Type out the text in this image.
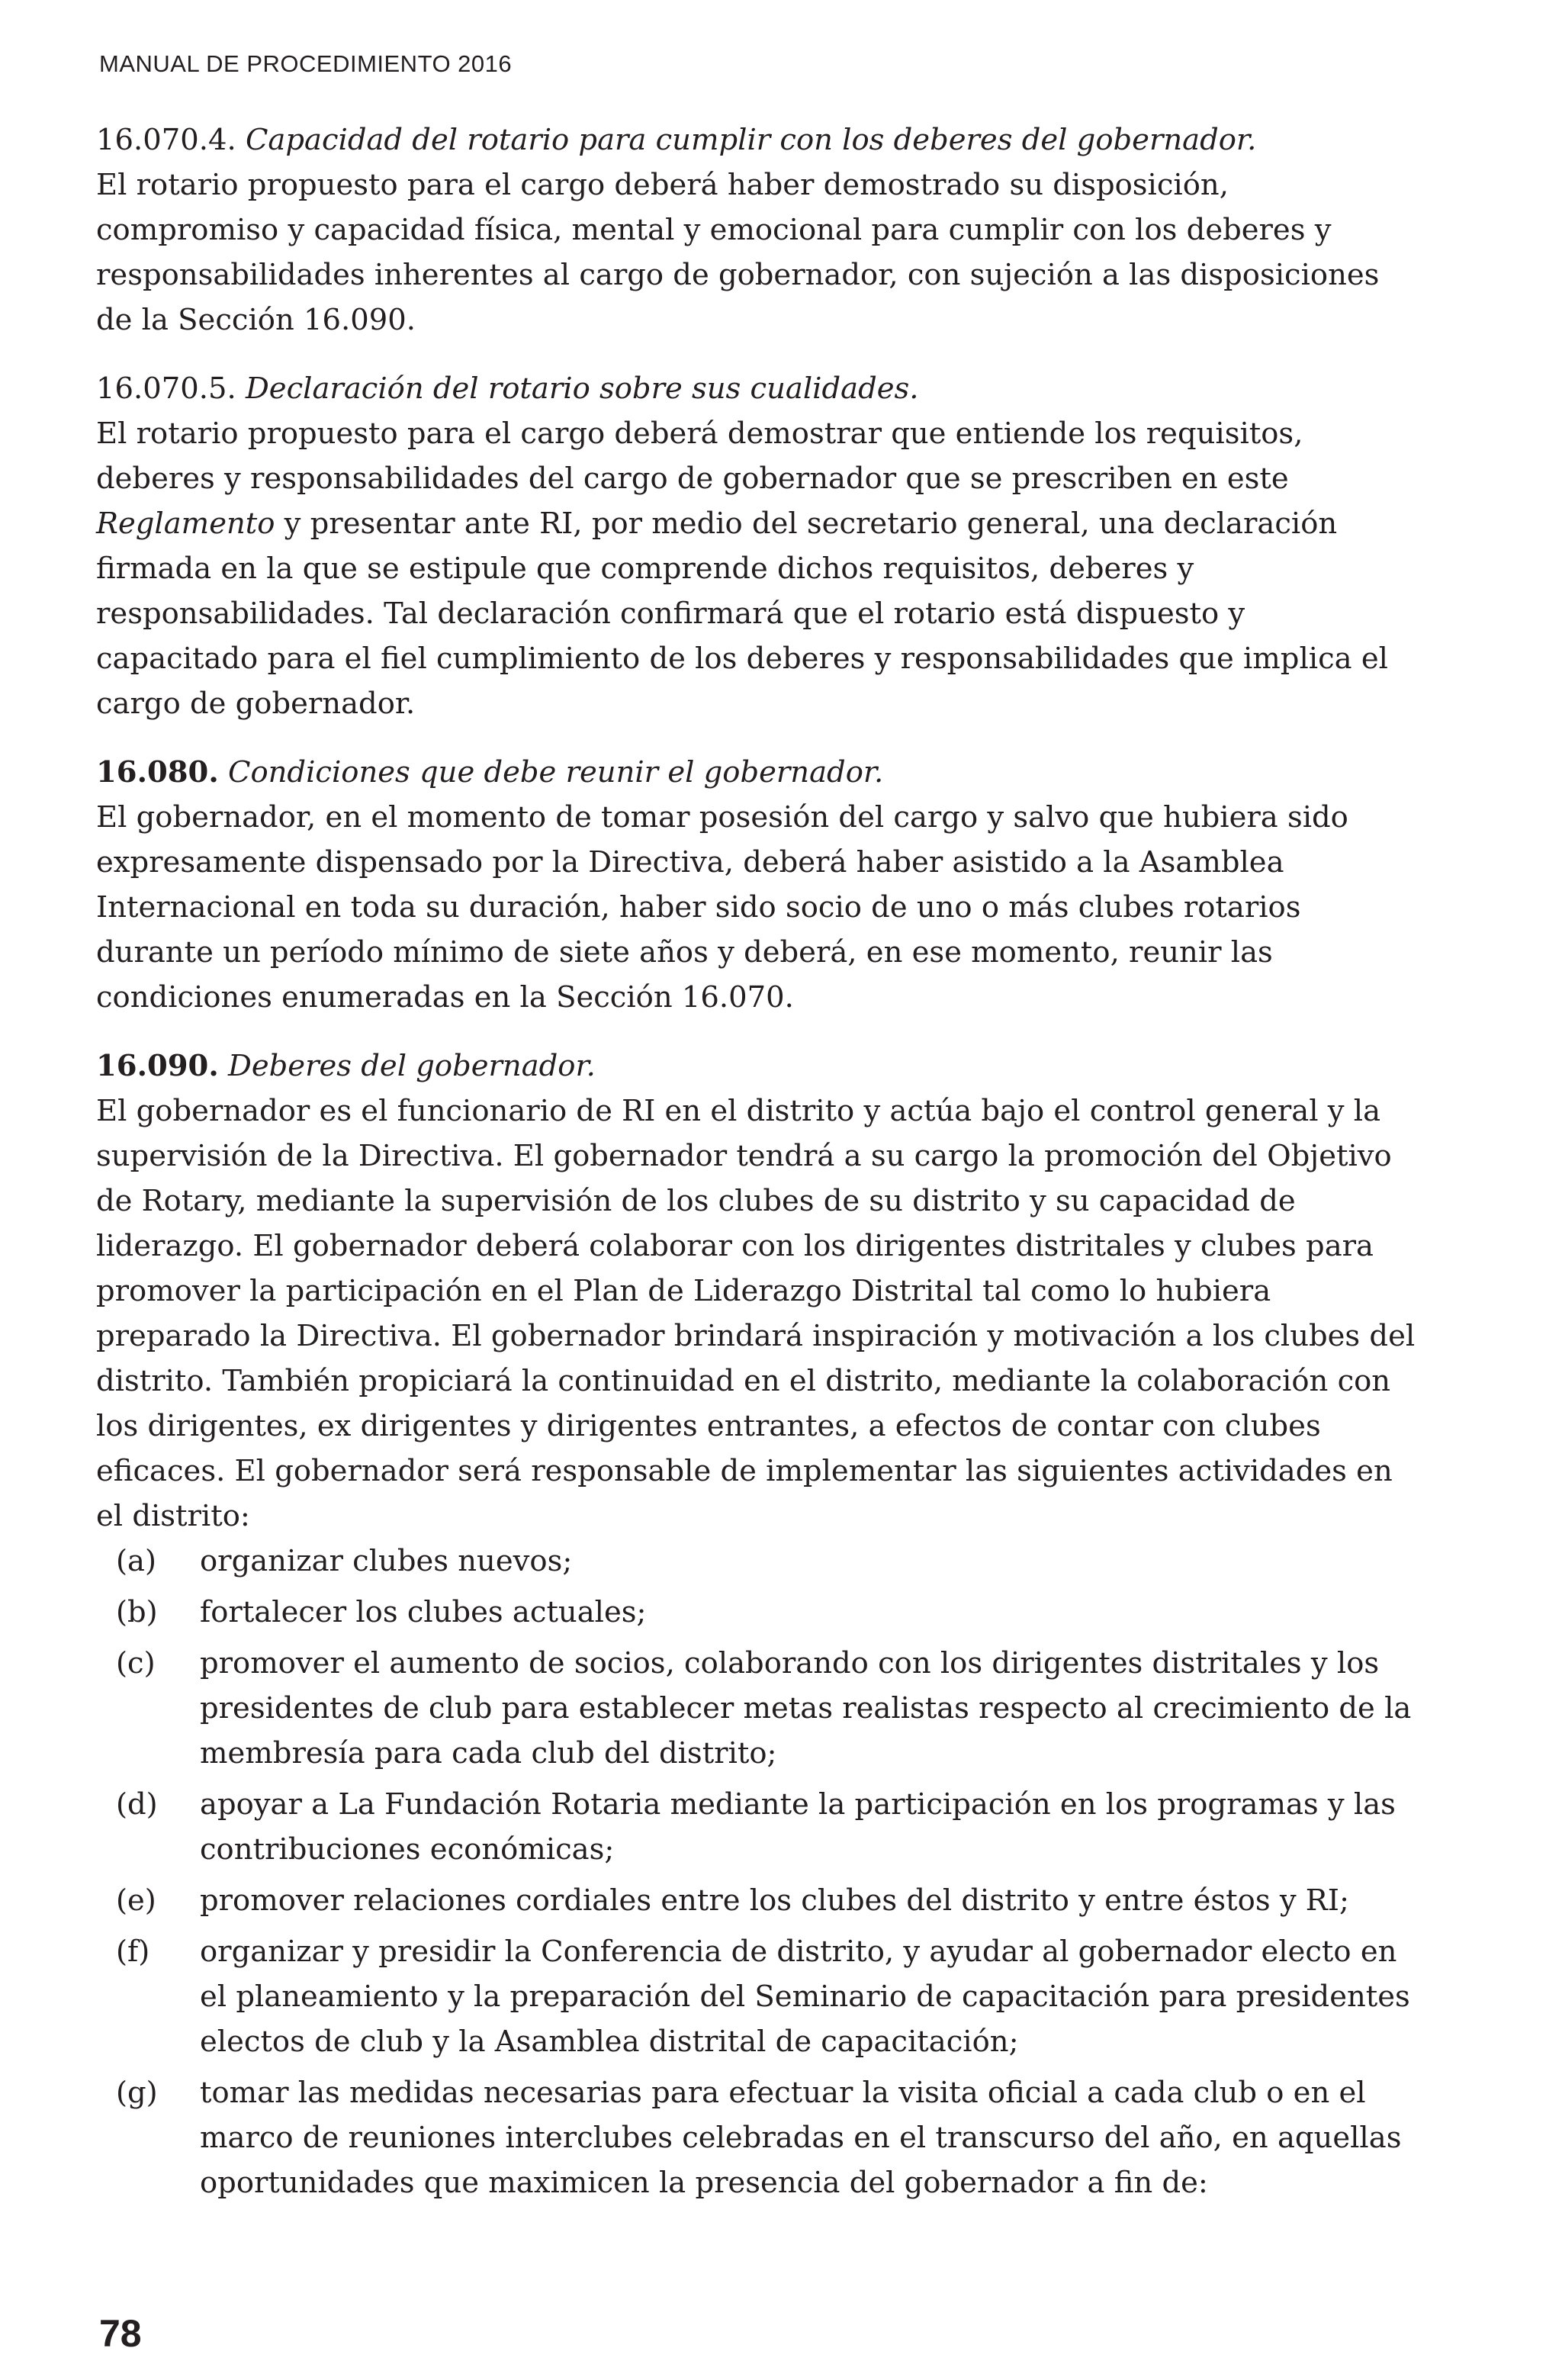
MANUAL DE PROCEDIMIENTO 2016
16.070.4. Capacidad del rotario para cumplir con los deberes del gobernador.
El rotario propuesto para el cargo deberá haber demostrado su disposición, compromiso y capacidad física, mental y emocional para cumplir con los deberes y responsabilidades inherentes al cargo de gobernador, con sujeción a las disposiciones de la Sección 16.090.
16.070.5. Declaración del rotario sobre sus cualidades.
El rotario propuesto para el cargo deberá demostrar que entiende los requisitos, deberes y responsabilidades del cargo de gobernador que se prescriben en este Reglamento y presentar ante RI, por medio del secretario general, una declaración firmada en la que se estipule que comprende dichos requisitos, deberes y responsabilidades. Tal declaración confirmará que el rotario está dispuesto y capacitado para el fiel cumplimiento de los deberes y responsabilidades que implica el cargo de gobernador.
16.080. Condiciones que debe reunir el gobernador.
El gobernador, en el momento de tomar posesión del cargo y salvo que hubiera sido expresamente dispensado por la Directiva, deberá haber asistido a la Asamblea Internacional en toda su duración, haber sido socio de uno o más clubes rotarios durante un período mínimo de siete años y deberá, en ese momento, reunir las condiciones enumeradas en la Sección 16.070.
16.090. Deberes del gobernador.
El gobernador es el funcionario de RI en el distrito y actúa bajo el control general y la supervisión de la Directiva. El gobernador tendrá a su cargo la promoción del Objetivo de Rotary, mediante la supervisión de los clubes de su distrito y su capacidad de liderazgo. El gobernador deberá colaborar con los dirigentes distritales y clubes para promover la participación en el Plan de Liderazgo Distrital tal como lo hubiera preparado la Directiva. El gobernador brindará inspiración y motivación a los clubes del distrito. También propiciará la continuidad en el distrito, mediante la colaboración con los dirigentes, ex dirigentes y dirigentes entrantes, a efectos de contar con clubes eficaces. El gobernador será responsable de implementar las siguientes actividades en el distrito:
(a) organizar clubes nuevos;
(b) fortalecer los clubes actuales;
(c) promover el aumento de socios, colaborando con los dirigentes distritales y los presidentes de club para establecer metas realistas respecto al crecimiento de la membresía para cada club del distrito;
(d) apoyar a La Fundación Rotaria mediante la participación en los programas y las contribuciones económicas;
(e) promover relaciones cordiales entre los clubes del distrito y entre éstos y RI;
(f) organizar y presidir la Conferencia de distrito, y ayudar al gobernador electo en el planeamiento y la preparación del Seminario de capacitación para presidentes electos de club y la Asamblea distrital de capacitación;
(g) tomar las medidas necesarias para efectuar la visita oficial a cada club o en el marco de reuniones interclubes celebradas en el transcurso del año, en aquellas oportunidades que maximicen la presencia del gobernador a fin de:
78
